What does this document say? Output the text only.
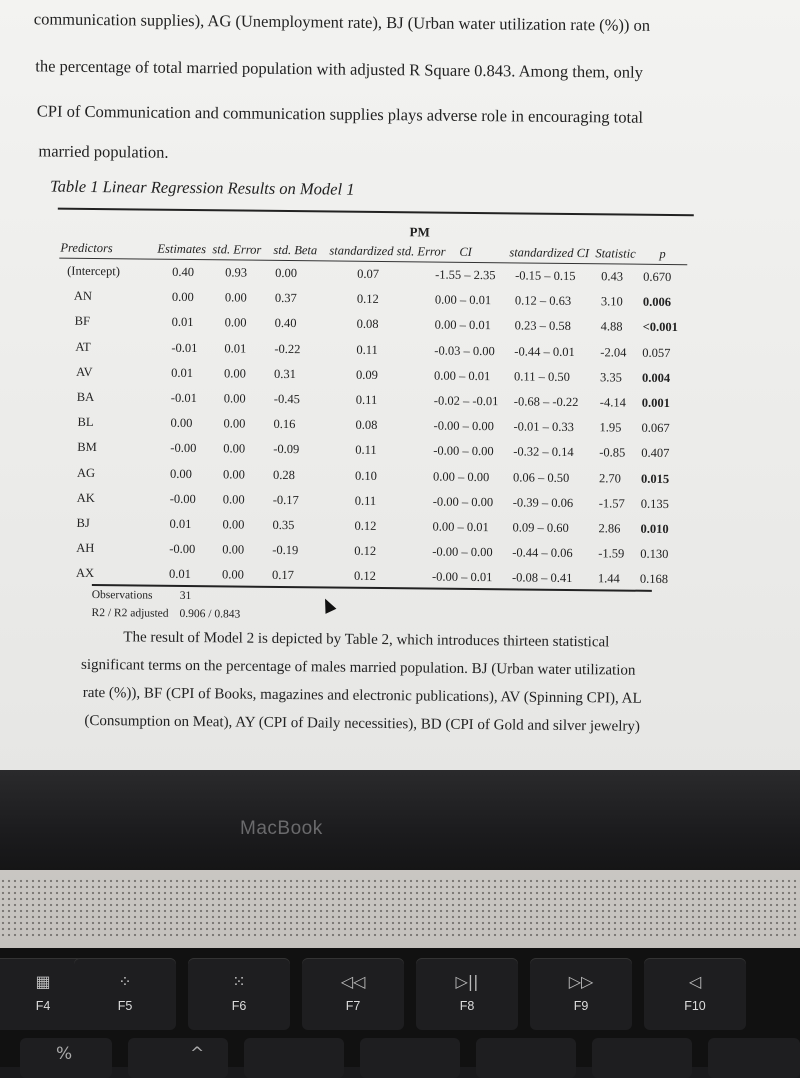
communication supplies), AG (Unemployment rate), BJ (Urban water utilization rate (%)) on
the percentage of total married population with adjusted R Square 0.843. Among them, only
CPI of Communication and communication supplies plays adverse role in encouraging total
married population.
Table 1 Linear Regression Results on Model 1
PM
Predictors	Estimates std. Error std. Beta standardized std. Error CI	standardized CI Statistic p
(Intercept)	0.40 0.93 0.00	0.07	-1.55 – 2.35 -0.15 – 0.15 0.43 0.670
AN	0.00 0.00 0.37	0.12	0.00 – 0.01 0.12 – 0.63 3.10 0.006
BF	0.01 0.00 0.40	0.08	0.00 – 0.01 0.23 – 0.58 4.88 <0.001
AT	-0.01 0.01 -0.22	0.11	-0.03 – 0.00 -0.44 – 0.01 -2.04 0.057
AV	0.01 0.00 0.31	0.09	0.00 – 0.01 0.11 – 0.50 3.35 0.004
BA	-0.01 0.00 -0.45	0.11	-0.02 – -0.01 -0.68 – -0.22 -4.14 0.001
BL	0.00 0.00 0.16	0.08	-0.00 – 0.00 -0.01 – 0.33 1.95 0.067
BM	-0.00 0.00 -0.09	0.11	-0.00 – 0.00 -0.32 – 0.14 -0.85 0.407
AG	0.00 0.00 0.28	0.10	0.00 – 0.00 0.06 – 0.50 2.70 0.015
AK	-0.00 0.00 -0.17	0.11	-0.00 – 0.00 -0.39 – 0.06 -1.57 0.135
BJ	0.01 0.00 0.35	0.12	0.00 – 0.01 0.09 – 0.60 2.86 0.010
AH	-0.00 0.00 -0.19	0.12	-0.00 – 0.00 -0.44 – 0.06 -1.59 0.130
AX	0.01 0.00 0.17	0.12	-0.00 – 0.01 -0.08 – 0.41 1.44 0.168
Observations 31
R2 / R2 adjusted 0.906 / 0.843
The result of Model 2 is depicted by Table 2, which introduces thirteen statistical
significant terms on the percentage of males married population. BJ (Urban water utilization
rate (%)), BF (CPI of Books, magazines and electronic publications), AV (Spinning CPI), AL
(Consumption on Meat), AY (CPI of Daily necessities), BD (CPI of Gold and silver jewelry)
MacBook
▦
F4
⁘
F5
⁙
F6
◁◁
F7
▷||
F8
▷▷
F9
◁
F10
%	^
